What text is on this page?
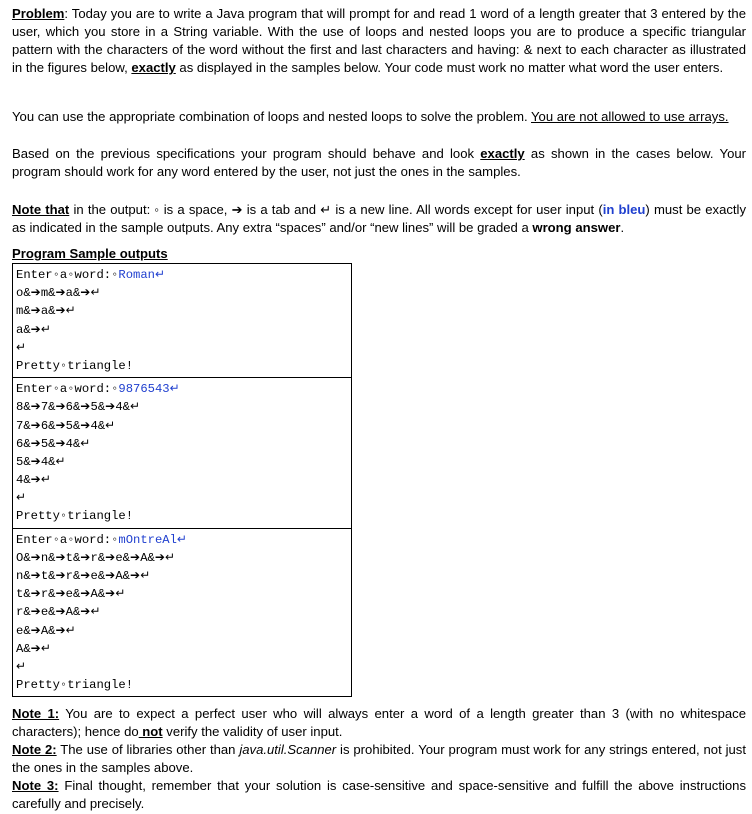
Problem: Today you are to write a Java program that will prompt for and read 1 word of a length greater that 3 entered by the user, which you store in a String variable. With the use of loops and nested loops you are to produce a specific triangular pattern with the characters of the word without the first and last characters and having: & next to each character as illustrated in the figures below, exactly as displayed in the samples below. Your code must work no matter what word the user enters.

You can use the appropriate combination of loops and nested loops to solve the problem. You are not allowed to use arrays.

Based on the previous specifications your program should behave and look exactly as shown in the cases below. Your program should work for any word entered by the user, not just the ones in the samples.

Note that in the output: ◦ is a space, ➔ is a tab and ↵ is a new line. All words except for user input (in bleu) must be exactly as indicated in the sample outputs. Any extra “spaces” and/or “new lines” will be graded a wrong answer.

Program Sample outputs
Enter◦a◦word:◦Roman↵
o&➔m&➔a&➔↵
m&➔a&➔↵
a&➔↵
↵
Pretty◦triangle!
Enter◦a◦word:◦9876543↵
8&➔7&➔6&➔5&➔4&↵
7&➔6&➔5&➔4&↵
6&➔5&➔4&↵
5&➔4&↵
4&➔↵
↵
Pretty◦triangle!
Enter◦a◦word:◦mOntreAl↵
O&➔n&➔t&➔r&➔e&➔A&➔↵
n&➔t&➔r&➔e&➔A&➔↵
t&➔r&➔e&➔A&➔↵
r&➔e&➔A&➔↵
e&➔A&➔↵
A&➔↵
↵
Pretty◦triangle!

Note 1: You are to expect a perfect user who will always enter a word of a length greater than 3 (with no whitespace characters); hence do not verify the validity of user input.

Note 2: The use of libraries other than java.util.Scanner is prohibited. Your program must work for any strings entered, not just the ones in the samples above.

Note 3: Final thought, remember that your solution is case-sensitive and space-sensitive and fulfill the above instructions carefully and precisely.
